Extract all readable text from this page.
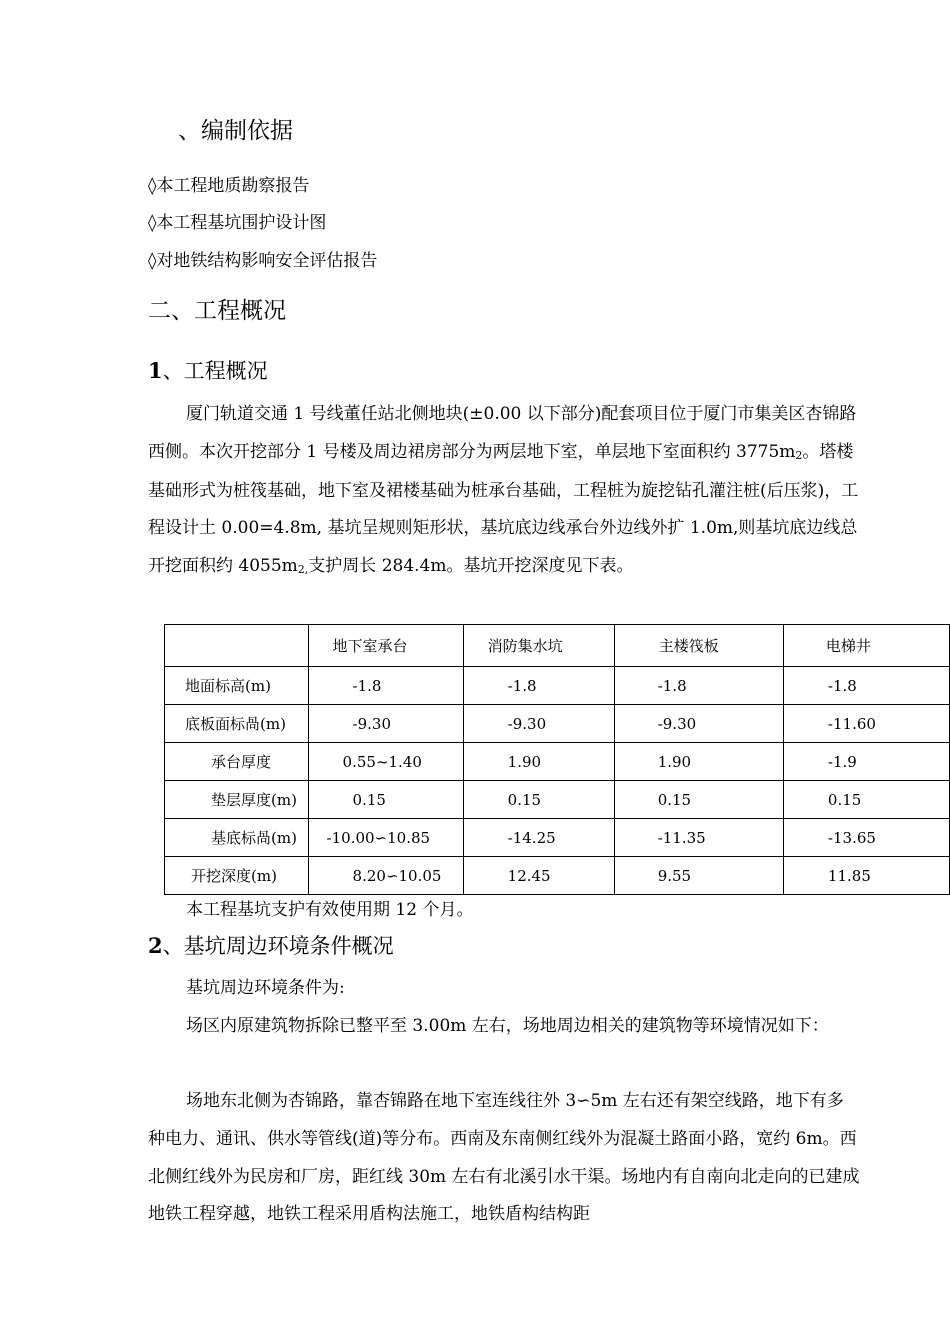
、编制依据
◊本工程地质勘察报告
◊本工程基坑围护设计图
◊对地铁结构影响安全评估报告
二、工程概况
1、工程概况
厦门轨道交通 1 号线董任站北侧地块(±0.00 以下部分)配套项目位于厦门市集美区杏锦路西侧。本次开挖部分 1 号楼及周边裙房部分为两层地下室，单层地下室面积约 $3775m_2$。塔楼基础形式为桩筏基础，地下室及裙楼基础为桩承台基础，工程桩为旋挖钻孔灌注桩(后压浆)，工程设计土 0.00=4.8m, 基坑呈规则矩形状，基坑底边线承台外边线外扩 1.0m,则基坑底边线总开挖面积约 $4055m_{2,}$支护周长 284.4m。基坑开挖深度见下表。
	地下室承台	消防集水坑	主楼筏板	电梯井
地面标高(m)	-1.8	-1.8	-1.8	-1.8
底板面标咼(m)	-9.30	-9.30	-9.30	-11.60
承台厚度	0.55~1.40	1.90	1.90	-1.9
垫层厚度(m)	0.15	0.15	0.15	0.15
基底标咼(m)	-10.00∽10.85	-14.25	-11.35	-13.65
开挖深度(m)	8.20∽10.05	12.45	9.55	11.85
本工程基坑支护有效使用期 12 个月。
2、基坑周边环境条件概况
基坑周边环境条件为:
场区内原建筑物拆除已整平至 3.00m 左右，场地周边相关的建筑物等环境情况如下：
场地东北侧为杏锦路，靠杏锦路在地下室连线往外 3∽5m 左右还有架空线路，地下有多种电力、通讯、供水等管线(道)等分布。西南及东南侧红线外为混凝土路面小路，宽约 6m。西北侧红线外为民房和厂房，距红线 30m 左右有北溪引水干渠。场地内有自南向北走向的已建成地铁工程穿越，地铁工程采用盾构法施工，地铁盾构结构距
